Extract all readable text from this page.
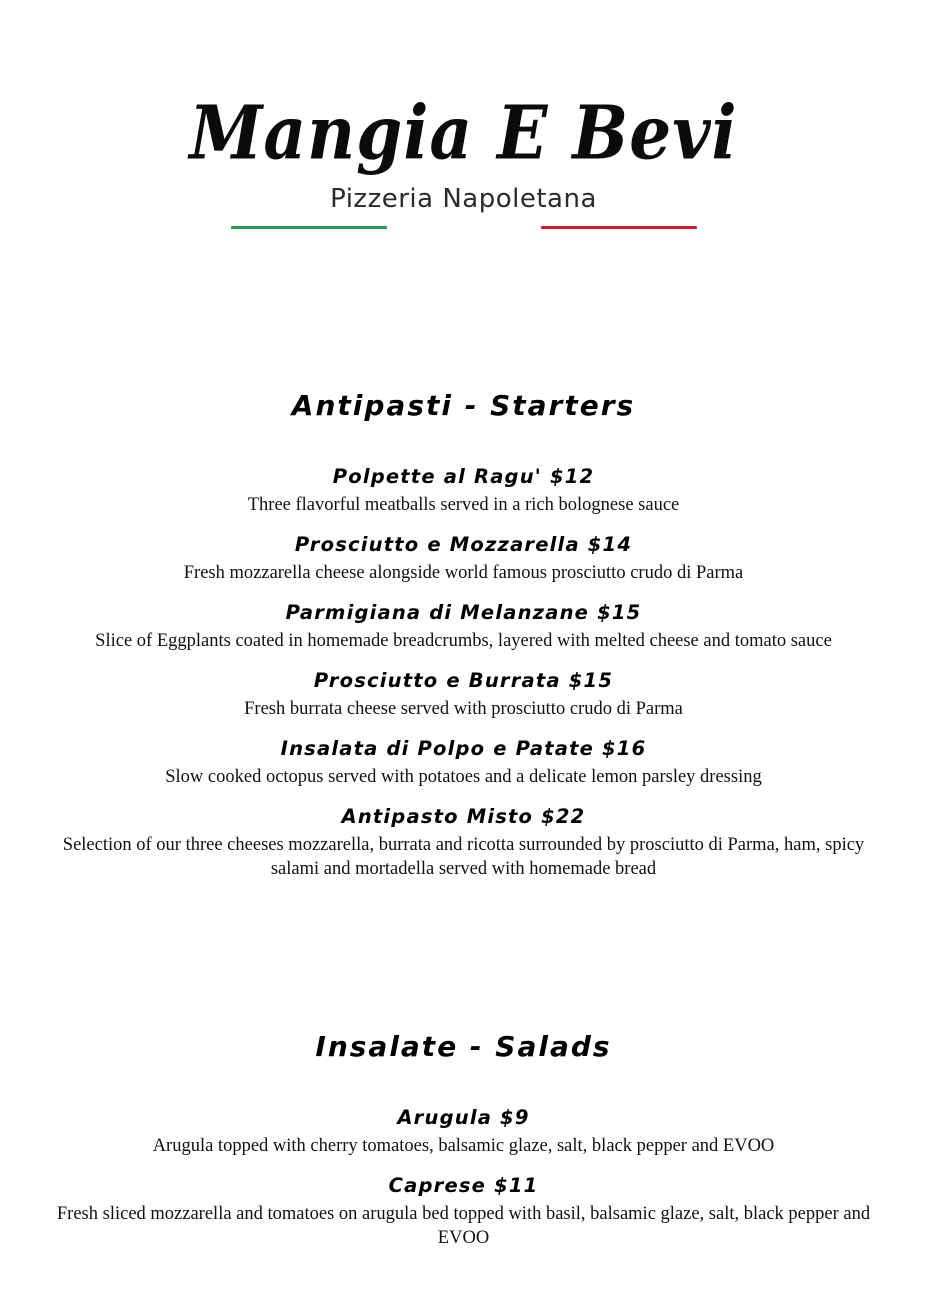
Mangia E Bevi
Pizzeria Napoletana
Antipasti - Starters
Polpette al Ragu' $12
Three flavorful meatballs served in a rich bolognese sauce
Prosciutto e Mozzarella $14
Fresh mozzarella cheese alongside world famous prosciutto crudo di Parma
Parmigiana di Melanzane $15
Slice of Eggplants coated in homemade breadcrumbs, layered with melted cheese and tomato sauce
Prosciutto e Burrata $15
Fresh burrata cheese served with prosciutto crudo di Parma
Insalata di Polpo e Patate $16
Slow cooked octopus served with potatoes and a delicate lemon parsley dressing
Antipasto Misto $22
Selection of our three cheeses mozzarella, burrata and ricotta surrounded by prosciutto di Parma, ham, spicy salami and mortadella served with homemade bread
Insalate - Salads
Arugula $9
Arugula topped with cherry tomatoes, balsamic glaze, salt, black pepper and EVOO
Caprese $11
Fresh sliced mozzarella and tomatoes on arugula bed topped with basil, balsamic glaze, salt, black pepper and EVOO
